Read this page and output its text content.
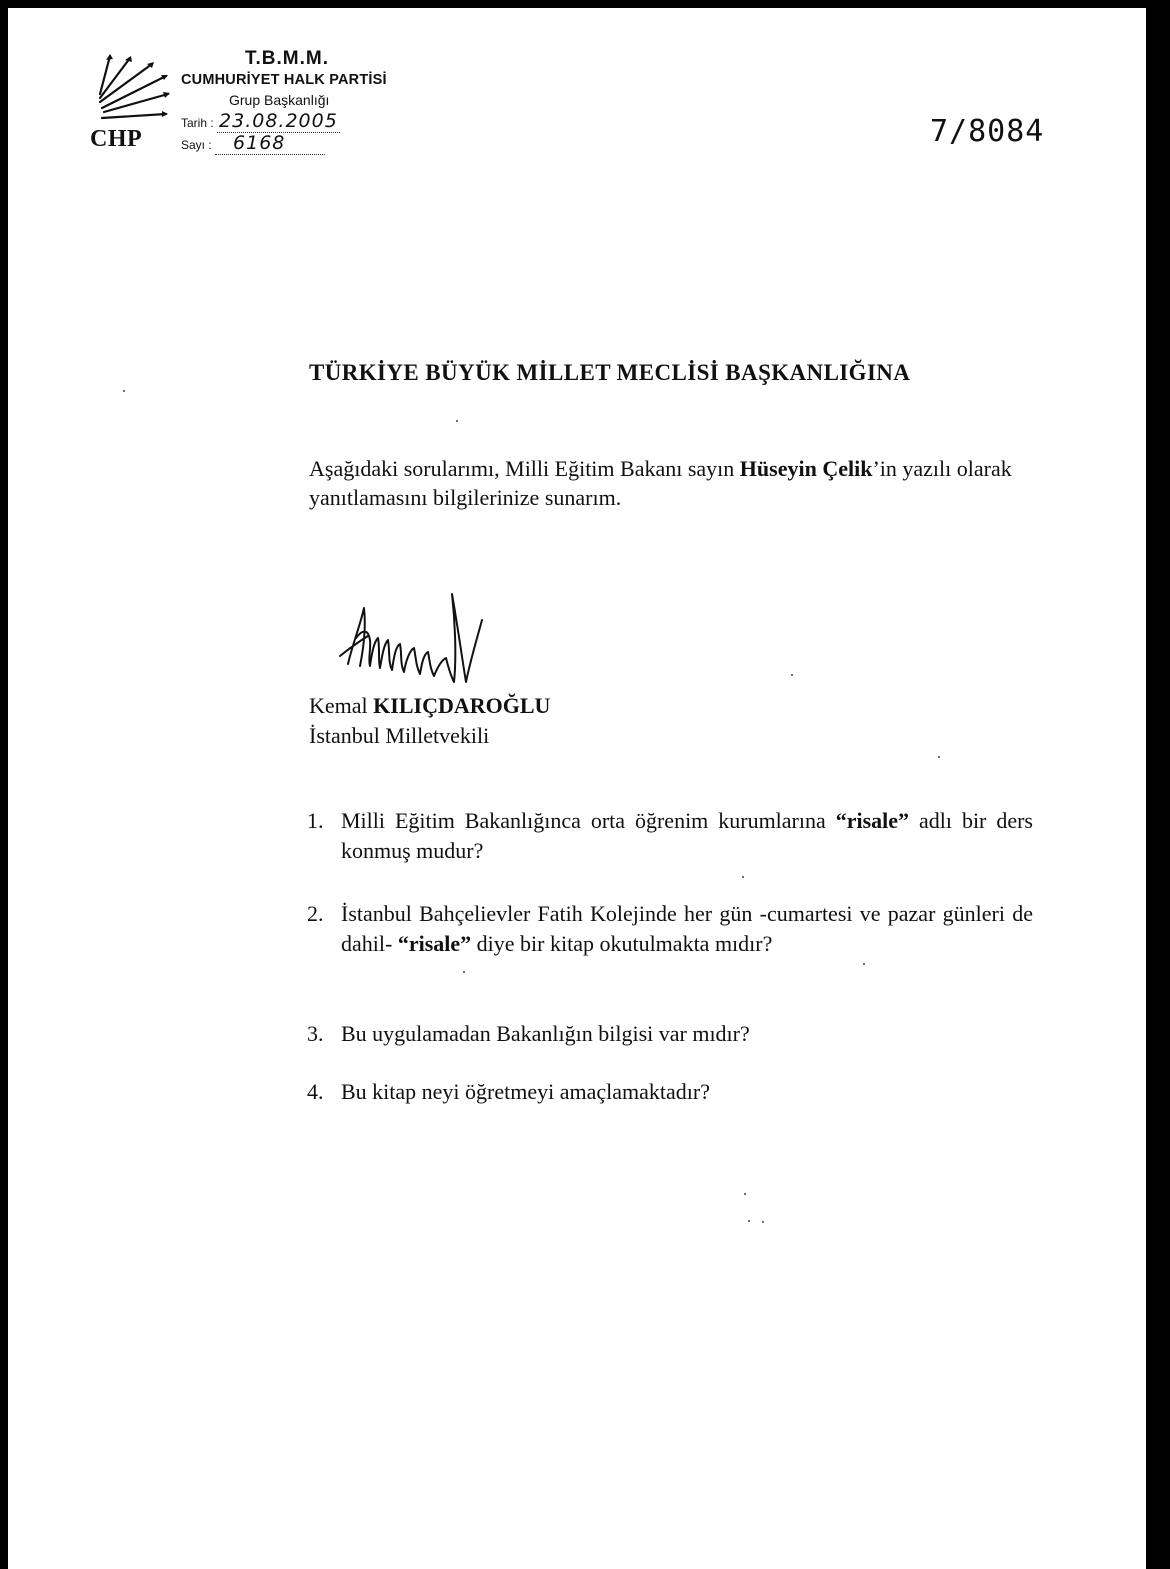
CHP
T.B.M.M.
CUMHURİYET HALK PARTİSİ
Grup Başkanlığı
Tarih : 23.08.2005
Sayı : 6168	7/8084
TÜRKİYE BÜYÜK MİLLET MECLİSİ BAŞKANLIĞINA
Aşağıdaki sorularımı, Milli Eğitim Bakanı sayın Hüseyin Çelik’in yazılı olarak yanıtlamasını bilgilerinize sunarım.
Kemal KILIÇDAROĞLU
İstanbul Milletvekili
1. Milli Eğitim Bakanlığınca orta öğrenim kurumlarına “risale” adlı bir ders konmuş mudur?
2. İstanbul Bahçelievler Fatih Kolejinde her gün -cumartesi ve pazar günleri de dahil- “risale” diye bir kitap okutulmakta mıdır?
3. Bu uygulamadan Bakanlığın bilgisi var mıdır?
4. Bu kitap neyi öğretmeyi amaçlamaktadır?
